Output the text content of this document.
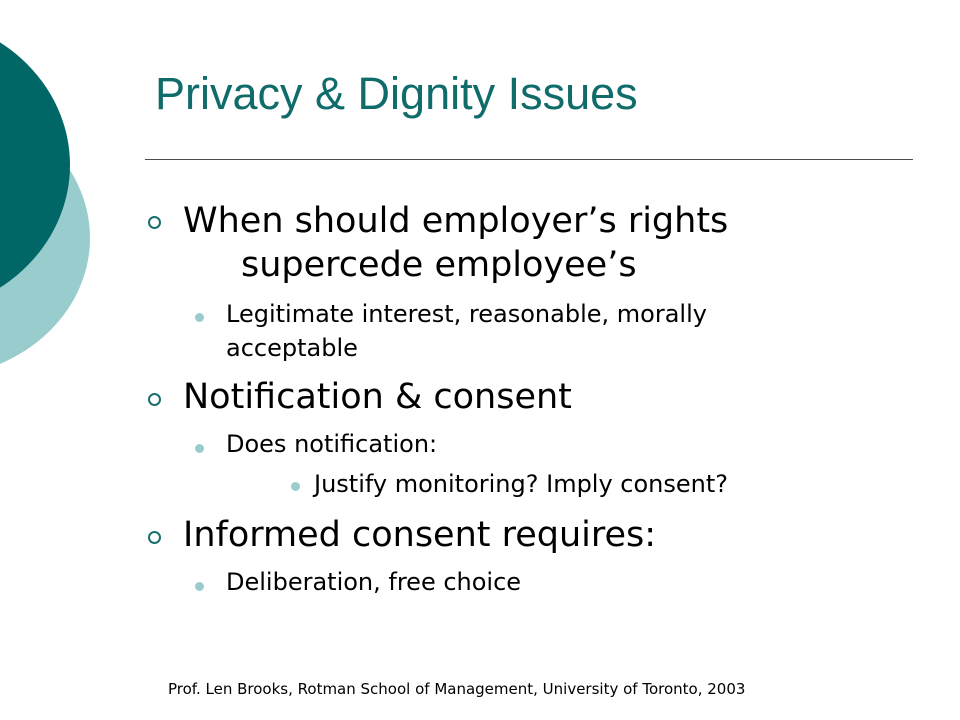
Privacy & Dignity Issues
When should employer’s rights
supercede employee’s
Legitimate interest, reasonable, morally
acceptable
Notification & consent
Does notification:
Justify monitoring? Imply consent?
Informed consent requires:
Deliberation, free choice
Prof. Len Brooks, Rotman School of Management, University of Toronto, 2003
